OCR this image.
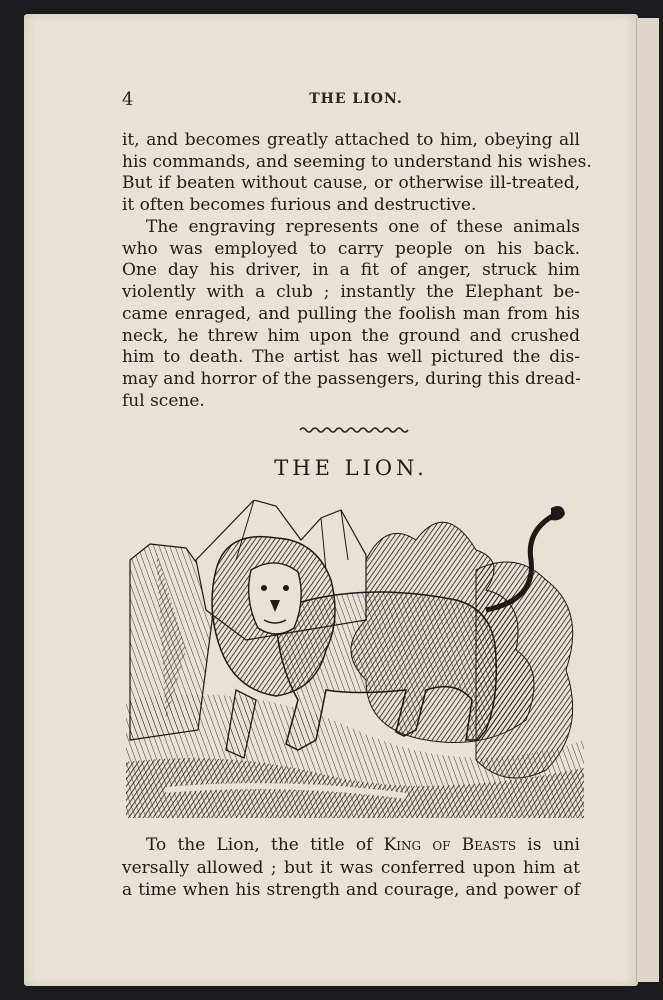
4	THE LION.
it, and becomes greatly attached to him, obeying all
his commands, and seeming to understand his wishes.
But if beaten without cause, or otherwise ill-treated,
it often becomes furious and destructive.
The engraving represents one of these animals
who was employed to carry people on his back.
One day his driver, in a fit of anger, struck him
violently with a club ; instantly the Elephant be-
came enraged, and pulling the foolish man from his
neck, he threw him upon the ground and crushed
him to death. The artist has well pictured the dis-
may and horror of the passengers, during this dread-
ful scene.
THE LION.
To the Lion, the title of King of Beasts is uni
versally allowed ; but it was conferred upon him at
a time when his strength and courage, and power of
